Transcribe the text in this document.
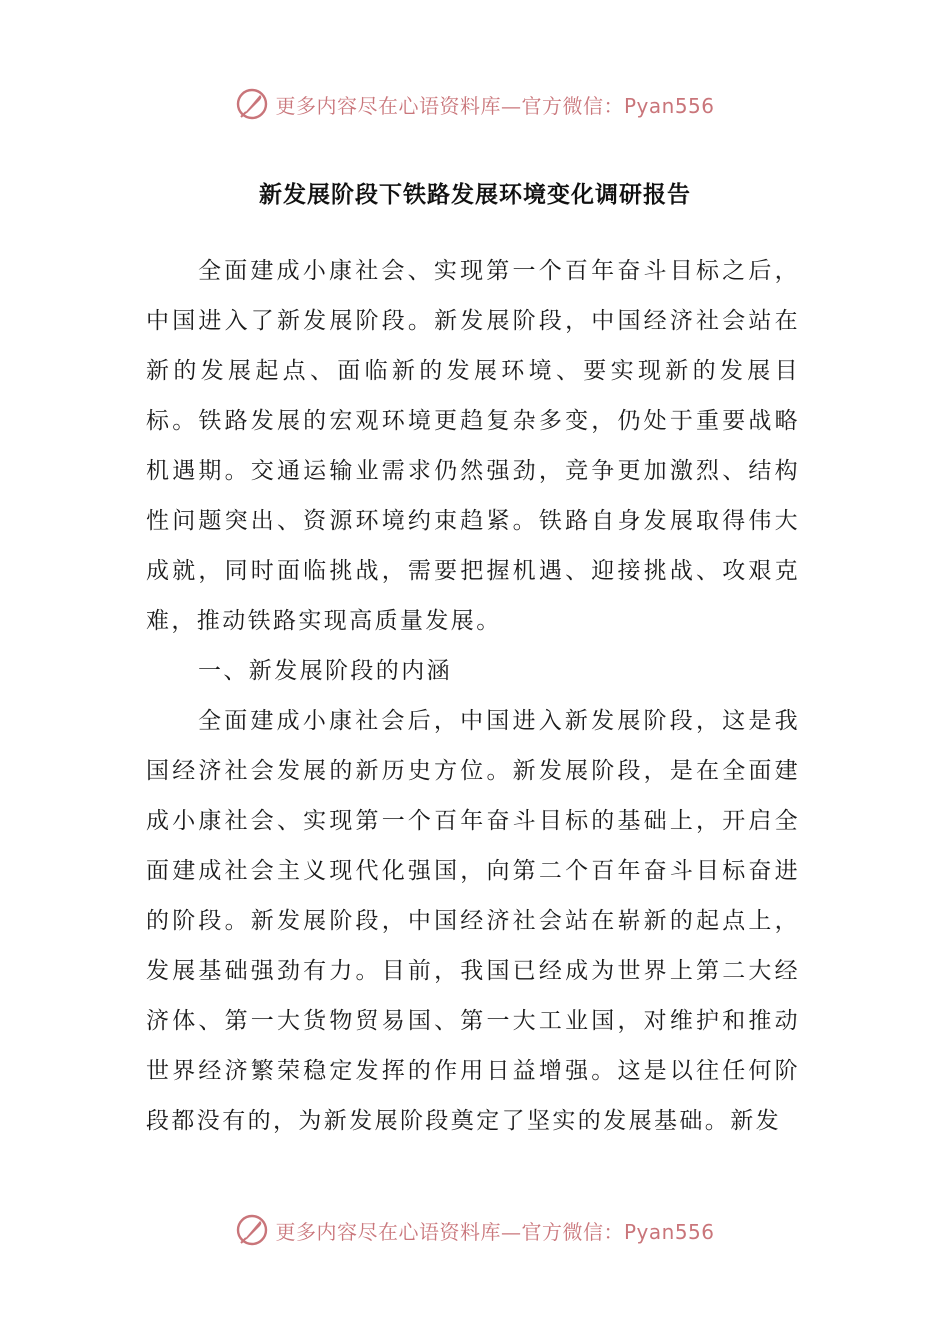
更多内容尽在心语资料库—官方微信：Pyan556
新发展阶段下铁路发展环境变化调研报告

全面建成小康社会、实现第一个百年奋斗目标之后，中国进入了新发展阶段。新发展阶段，中国经济社会站在新的发展起点、面临新的发展环境、要实现新的发展目标。铁路发展的宏观环境更趋复杂多变，仍处于重要战略机遇期。交通运输业需求仍然强劲，竞争更加激烈、结构性问题突出、资源环境约束趋紧。铁路自身发展取得伟大成就，同时面临挑战，需要把握机遇、迎接挑战、攻艰克难，推动铁路实现高质量发展。

一、新发展阶段的内涵

全面建成小康社会后，中国进入新发展阶段，这是我国经济社会发展的新历史方位。新发展阶段，是在全面建成小康社会、实现第一个百年奋斗目标的基础上，开启全面建成社会主义现代化强国，向第二个百年奋斗目标奋进的阶段。新发展阶段，中国经济社会站在崭新的起点上，发展基础强劲有力。目前，我国已经成为世界上第二大经济体、第一大货物贸易国、第一大工业国，对维护和推动世界经济繁荣稳定发挥的作用日益增强。这是以往任何阶段都没有的，为新发展阶段奠定了坚实的发展基础。新发

更多内容尽在心语资料库—官方微信：Pyan556
